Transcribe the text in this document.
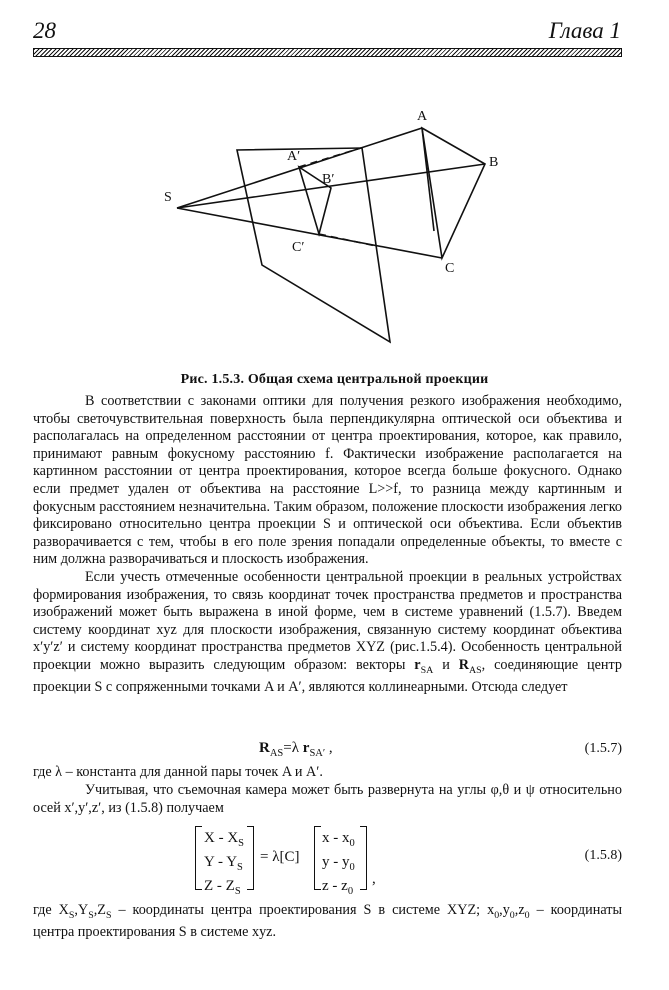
28	Глава 1
S
A
B
C
A′
B′
C′
Рис. 1.5.3. Общая схема центральной проекции

В соответствии с законами оптики для получения резкого изображения необходимо, чтобы светочувствительная поверхность была перпендикулярна оптической оси объектива и располагалась на определенном расстоянии от центра проектирования, которое, как правило, принимают равным фокусному расстоянию f. Фактически изображение располагается на картинном расстоянии от центра проектирования, которое всегда больше фокусного. Однако если предмет удален от объектива на расстояние L>>f, то разница между картинным и фокусным расстоянием незначительна. Таким образом, положение плоскости изображения легко фиксировано относительно центра проекции S и оптической оси объектива. Если объектив разворачивается с тем, чтобы в его поле зрения попадали определенные объекты, то вместе с ним должна разворачиваться и плоскость изображения.

Если учесть отмеченные особенности центральной проекции в реальных устройствах формирования изображения, то связь координат точек пространства предметов и пространства изображений может быть выражена в иной форме, чем в системе уравнений (1.5.7). Введем систему координат xyz для плоскости изображения, связанную систему координат объектива x′y′z′ и систему координат пространства предметов XYZ (рис.1.5.4). Особенность центральной проекции можно выразить следующим образом: векторы $r_{SA}$ и $R_{AS}$, соединяющие центр проекции S с сопряженными точками A и A′, являются коллинеарными. Отсюда следует

$R_{AS}=\lambda$ $r_{SA'}$ ,	(1.5.7)

где λ – константа для данной пары точек A и A′.

Учитывая, что съемочная камера может быть развернута на углы φ,θ и ψ относительно осей x′,y′,z′, из (1.5.8) получаем

X - $X_S$
Y - $Y_S$
Z - $Z_S$
= λ[C]
x - $x_0$
y - $y_0$
z - $z_0$
,
(1.5.8)

где $X_S,Y_S,Z_S$ – координаты центра проектирования S в системе XYZ; $x_0,y_0,z_0$ – координаты центра проектирования S в системе xyz.
